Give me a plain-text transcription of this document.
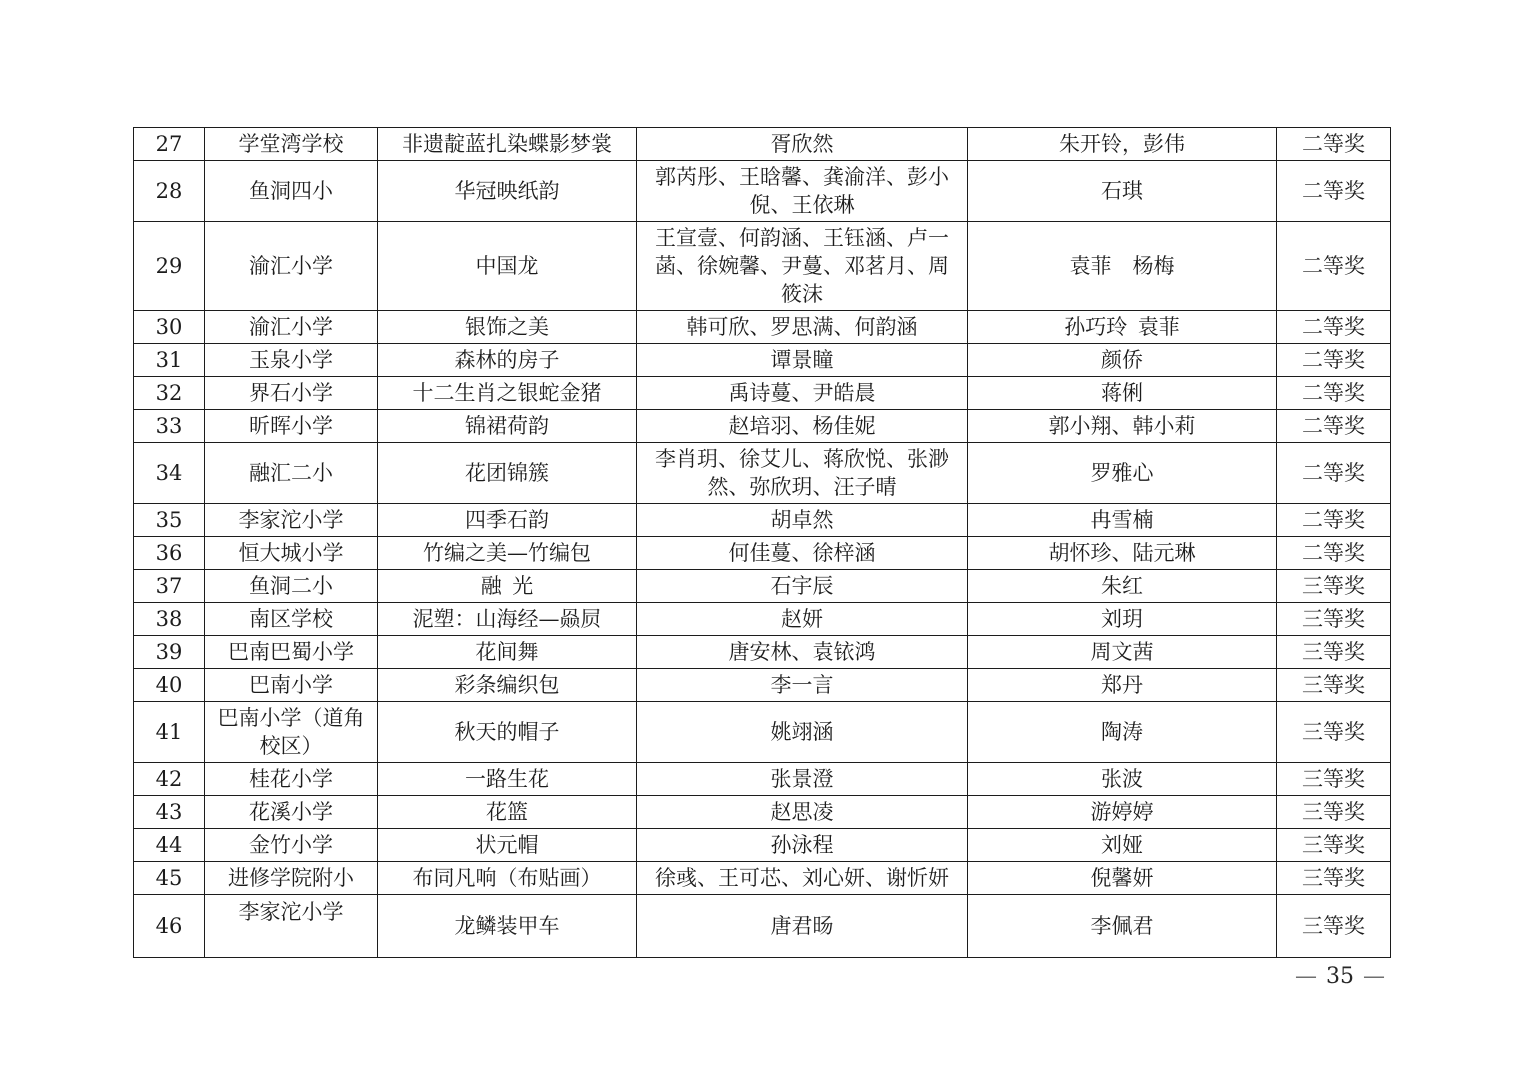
27	学堂湾学校	非遗靛蓝扎染蝶影梦裳	胥欣然	朱开铃，彭伟	二等奖
28	鱼洞四小	华冠映纸韵	郭芮彤、王晗馨、龚渝洋、彭小倪、王依琳	石琪	二等奖
29	渝汇小学	中国龙	王宣壹、何韵涵、王钰涵、卢一菡、徐婉馨、尹蔓、邓茗月、周筱沫	袁菲　杨梅	二等奖
30	渝汇小学	银饰之美	韩可欣、罗思满、何韵涵	孙巧玲 袁菲	二等奖
31	玉泉小学	森林的房子	谭景瞳	颜侨	二等奖
32	界石小学	十二生肖之银蛇金猪	禹诗蔓、尹皓晨	蒋俐	二等奖
33	昕晖小学	锦裙荷韵	赵培羽、杨佳妮	郭小翔、韩小莉	二等奖
34	融汇二小	花团锦簇	李肖玥、徐艾儿、蒋欣悦、张渺然、弥欣玥、汪子晴	罗雅心	二等奖
35	李家沱小学	四季石韵	胡卓然	冉雪楠	二等奖
36	恒大城小学	竹编之美—竹编包	何佳蔓、徐梓涵	胡怀珍、陆元琳	二等奖
37	鱼洞二小	融 光	石宇辰	朱红	三等奖
38	南区学校	泥塑：山海经—赑屃	赵妍	刘玥	三等奖
39	巴南巴蜀小学	花间舞	唐安林、袁铱鸿	周文茜	三等奖
40	巴南小学	彩条编织包	李一言	郑丹	三等奖
41	巴南小学（道角校区）	秋天的帽子	姚翊涵	陶涛	三等奖
42	桂花小学	一路生花	张景澄	张波	三等奖
43	花溪小学	花篮	赵思凌	游婷婷	三等奖
44	金竹小学	状元帽	孙泳程	刘娅	三等奖
45	进修学院附小	布同凡响（布贴画）	徐彧、王可芯、刘心妍、谢忻妍	倪馨妍	三等奖
46	李家沱小学	龙鳞装甲车	唐君旸	李佩君	三等奖
— 35 —
